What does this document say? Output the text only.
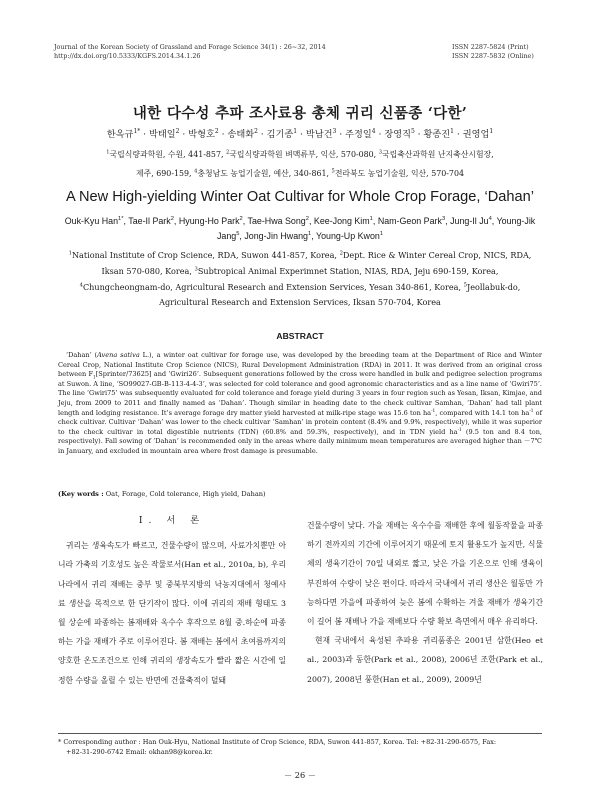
Journal of the Korean Society of Grassland and Forage Science 34(1) : 26~32, 2014
http://dx.doi.org/10.5333/KGFS.2014.34.1.26
ISSN 2287-5824 (Print)
ISSN 2287-5832 (Online)
내한 다수성 추파 조사료용 총체 귀리 신품종 ‘다한’
한옥규$^{1*}$ · 박태일$^2$ · 박형호$^2$ · 송태화$^2$ · 김기종$^1$ · 박남건$^3$ · 주정일$^4$ · 장영직$^5$ · 황종진$^1$ · 권영업$^1$
$^1$국립식량과학원, 수원, 441-857, $^2$국립식량과학원 벼맥류부, 익산, 570-080, $^3$국립축산과학원 난지축산시험장,
제주, 690-159, $^4$충청남도 농업기술원, 예산, 340-861, $^5$전라북도 농업기술원, 익산, 570-704
A New High-yielding Winter Oat Cultivar for Whole Crop Forage, ‘Dahan’
Ouk-Kyu Han$^{1*}$, Tae-Il Park$^2$, Hyung-Ho Park$^2$, Tae-Hwa Song$^2$, Kee-Jong Kim$^1$, Nam-Geon Park$^3$, Jung-Il Ju$^4$, Young-Jik Jang$^5$, Jong-Jin Hwang$^1$, Young-Up Kwon$^1$
$^1$National Institute of Crop Science, RDA, Suwon 441-857, Korea, $^2$Dept. Rice & Winter Cereal Crop, NICS, RDA, Iksan 570-080, Korea, $^3$Subtropical Animal Experimnet Station, NIAS, RDA, Jeju 690-159, Korea, $^4$Chungcheongnam-do, Agricultural Research and Extension Services, Yesan 340-861, Korea, $^5$Jeollabuk-do, Agricultural Research and Extension Services, Iksan 570-704, Korea
ABSTRACT
‘Dahan’ (Avena sativa L.), a winter oat cultivar for forage use, was developed by the breeding team at the Department of Rice and Winter Cereal Crop, National Institute Crop Science (NICS), Rural Development Administration (RDA) in 2011. It was derived from an original cross between $F_1[Sprinter/73625]$ and ‘Gwiri26’. Subsequent generations followed by the cross were handled in bulk and pedigree selection programs at Suwon. A line, ‘SO99027-GB-B-113-4-4-3’, was selected for cold tolerance and good agronomic characteristics and as a line name of ‘Gwiri75’. The line ‘Gwiri75’ was subsequently evaluated for cold tolerance and forage yield during 3 years in four region such as Yesan, Iksan, Kimjae, and Jeju, from 2009 to 2011 and finally named as ‘Dahan’. Though similar in heading date to the check cultivar Samhan, ‘Dahan’ had tall plant length and lodging resistance. It’s average forage dry matter yield harvested at milk-ripe stage was 15.6 ton $ha^{-1}$, compared with 14.1 ton $ha^{-1}$ of check cultivar. Cultivar ‘Dahan’ was lower to the check cultivar ‘Samhan’ in protein content (8.4% and 9.9%, respectively), while it was superior to the check cultivar in total digestible nutrients (TDN) (60.8% and 59.3%, respectively), and in TDN yield $ha^{-1}$ (9.5 ton and 8.4 ton, respectively). Fall sowing of ‘Dahan’ is recommended only in the areas where daily minimum mean temperatures are averaged higher than －7℃ in January, and excluded in mountain area where frost damage is presumable.
(Key words : Oat, Forage, Cold tolerance, High yield, Dahan)
Ⅰ. 서 론

귀리는 생육속도가 빠르고, 건물수량이 많으며, 사료가치뿐만 아니라 가축의 기호성도 높은 작물로서(Han et al., 2010a, b), 우리나라에서 귀리 재배는 중부 및 중북부지방의 낙농지대에서 청예사료 생산을 목적으로 한 단기작이 많다. 이에 귀리의 재배 형태도 3월 상순에 파종하는 봄재배와 옥수수 후작으로 8월 중․하순에 파종하는 가을 재배가 주로 이루어진다. 봄 재배는 봄에서 초여름까지의 양호한 온도조건으로 인해 귀리의 생장속도가 빨라 짧은 시간에 일정한 수량을 올릴 수 있는 반면에 건물축적이 덜돼

건물수량이 낮다. 가을 재배는 옥수수를 재배한 후에 월동작물을 파종하기 전까지의 기간에 이루어지기 때문에 토지 활용도가 높지만, 식물체의 생육기간이 70일 내외로 짧고, 낮은 가을 기온으로 인해 생육이 부진하여 수량이 낮은 편이다. 따라서 국내에서 귀리 생산은 월동만 가능하다면 가을에 파종하여 늦은 봄에 수확하는 겨울 재배가 생육기간이 길어 봄 재배나 가을 재배보다 수량 확보 측면에서 매우 유리하다.

현재 국내에서 육성된 추파용 귀리품종은 2001년 삼한(Heo et al., 2003)과 동한(Park et al., 2008), 2006년 조한(Park et al., 2007), 2008년 풍한(Han et al., 2009), 2009년

* Corresponding author : Han Ouk-Hyu, National Institute of Crop Science, RDA, Suwon 441-857, Korea. Tel: +82-31-290-6575, Fax:
+82-31-290-6742 Email: okhan98@korea.kr.
－ 26 －
